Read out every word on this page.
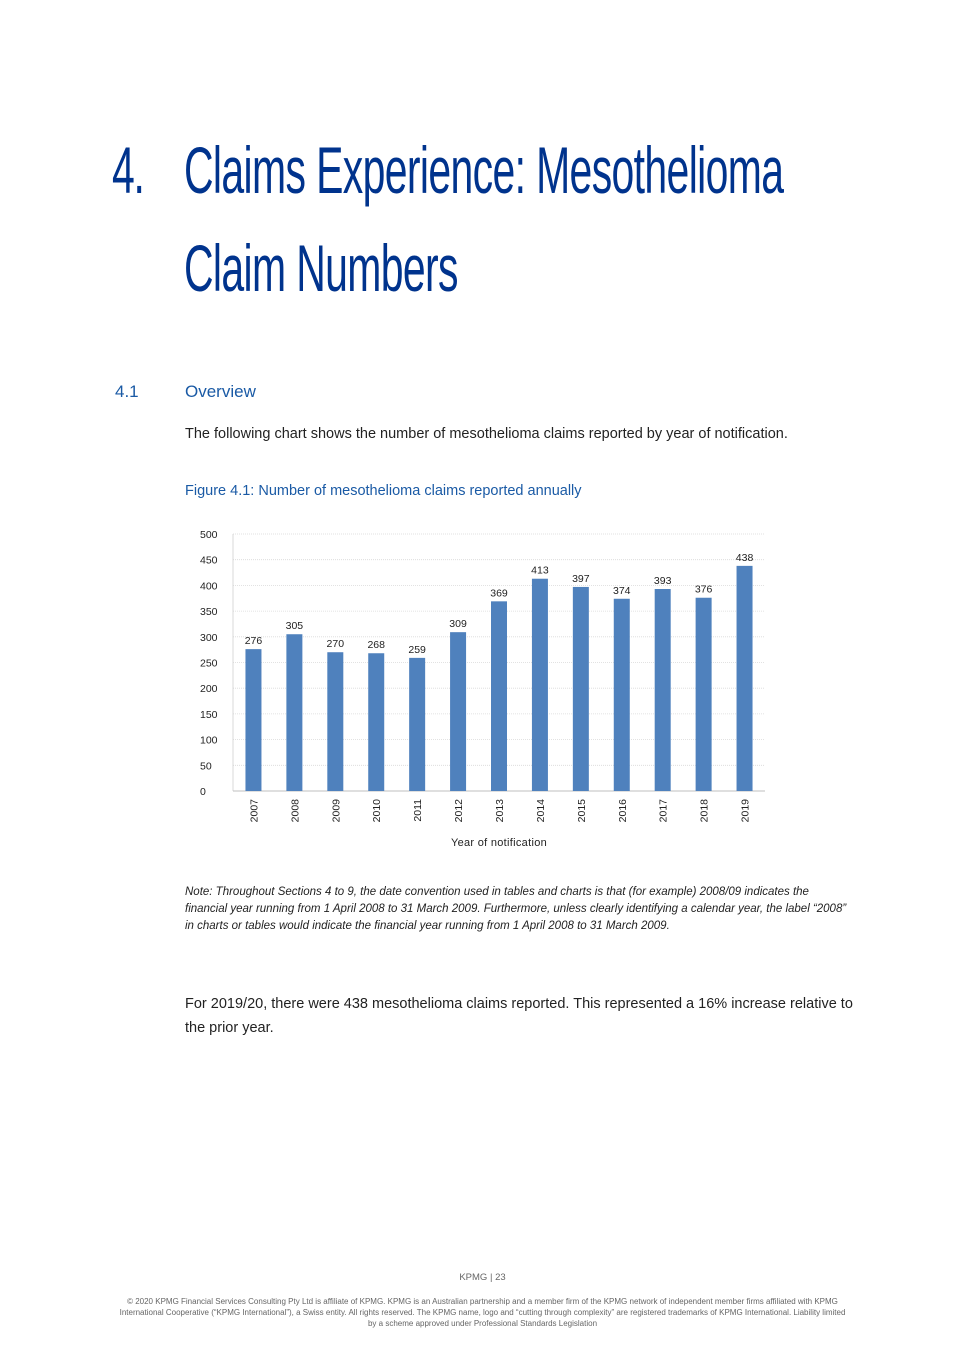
4. Claims Experience: Mesothelioma
Claim Numbers
4.1	Overview
The following chart shows the number of mesothelioma claims reported by year of notification.
Figure 4.1: Number of mesothelioma claims reported annually
0
50
100
150
200
250
300
350
400
450
500
276
2007
305
2008
270
2009
268
2010
259
2011
309
2012
369
2013
413
2014
397
2015
374
2016
393
2017
376
2018
438
2019
Year of notification
Note: Throughout Sections 4 to 9, the date convention used in tables and charts is that (for example) 2008/09 indicates the financial year running from 1 April 2008 to 31 March 2009. Furthermore, unless clearly identifying a calendar year, the label “2008” in charts or tables would indicate the financial year running from 1 April 2008 to 31 March 2009.
For 2019/20, there were 438 mesothelioma claims reported. This represented a 16% increase relative to the prior year.
KPMG | 23
© 2020 KPMG Financial Services Consulting Pty Ltd is affiliate of KPMG. KPMG is an Australian partnership and a member firm of the KPMG network of independent member firms affiliated with KPMG International Cooperative (“KPMG International”), a Swiss entity. All rights reserved. The KPMG name, logo and “cutting through complexity” are registered trademarks of KPMG International. Liability limited by a scheme approved under Professional Standards Legislation
